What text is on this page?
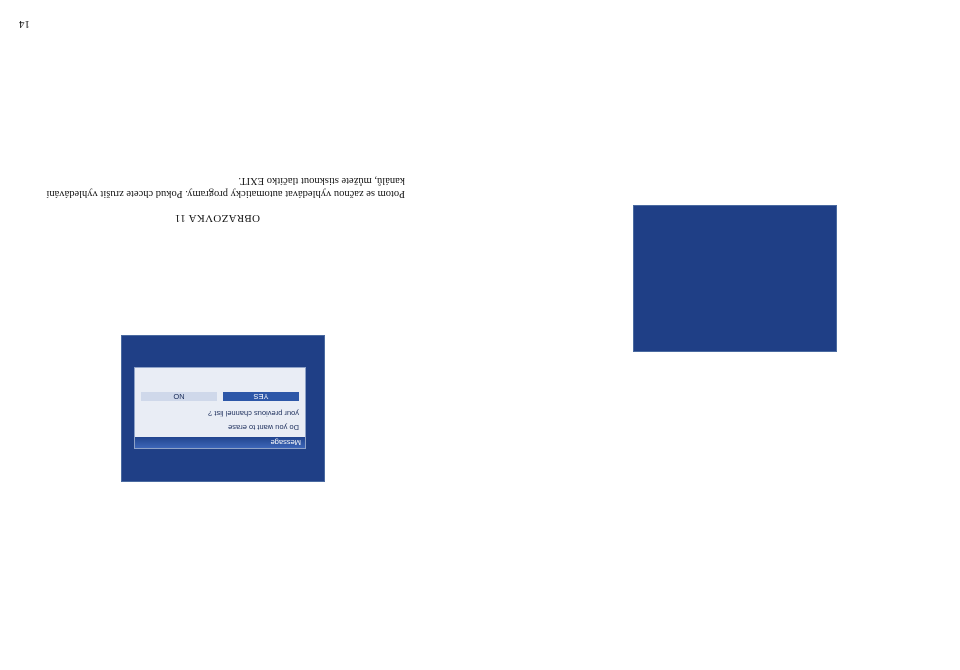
14
Message
Do you want to erase
your previous channel list ?
YES
NO
OBRAZOVKA 11
Potom se začnou vyhledávat automaticky programy. Pokud chcete zrušit vyhledávání kanálů, můžete stisknout tlačítko EXIT.
